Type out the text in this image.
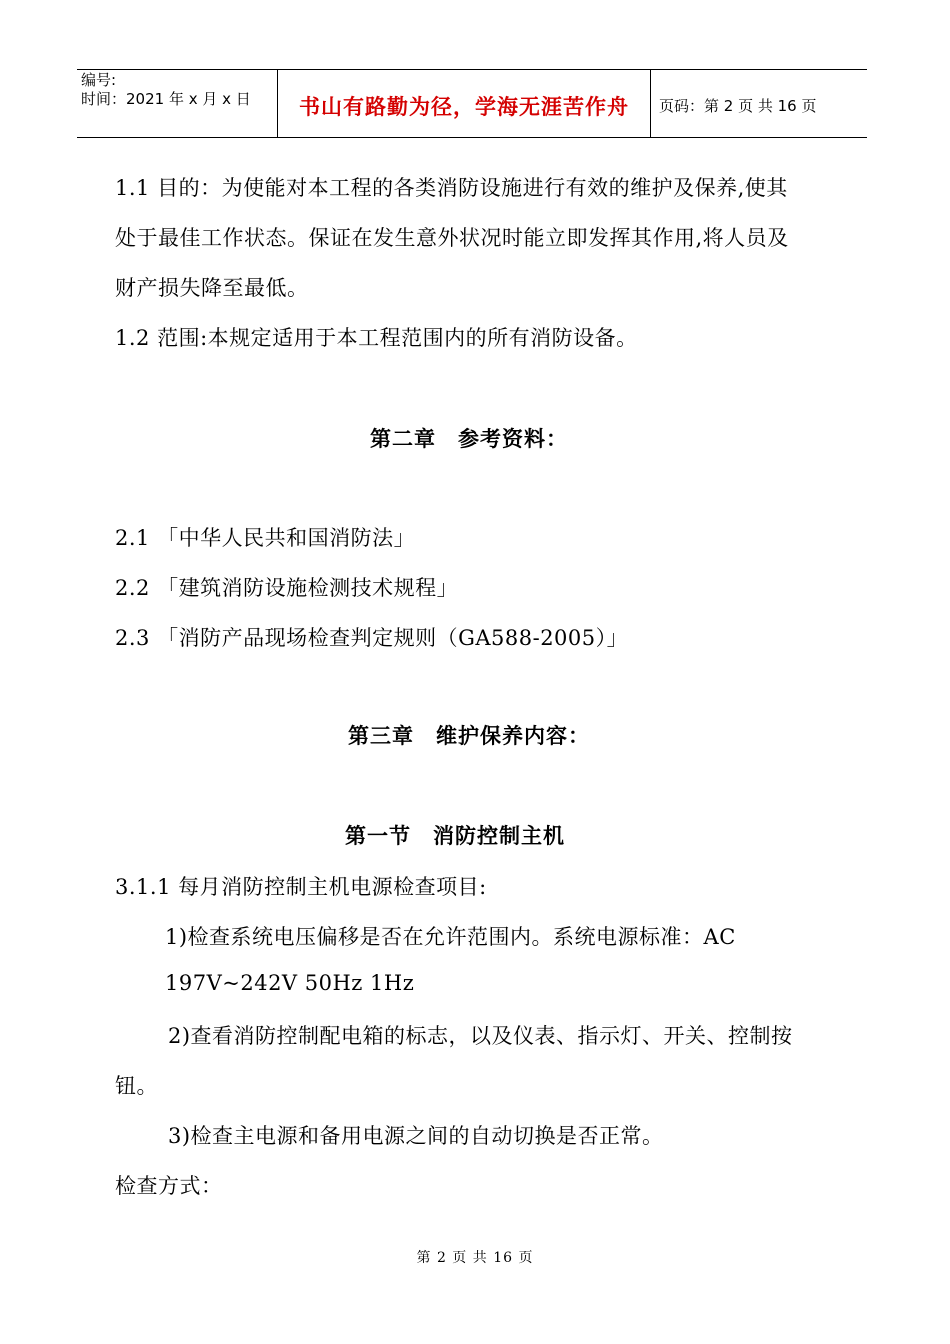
编号:
时间：2021 年 x 月 x 日	书山有路勤为径，学海无涯苦作舟 页码：第 2 页 共 16 页
1.1 目的：为使能对本工程的各类消防设施进行有效的维护及保养,使其
处于最佳工作状态。保证在发生意外状况时能立即发挥其作用,将人员及
财产损失降至最低。
1.2 范围:本规定适用于本工程范围内的所有消防设备。
第二章　参考资料：
2.1 「中华人民共和国消防法」
2.2 「建筑消防设施检测技术规程」
2.3 「消防产品现场检查判定规则（GA588-2005）」
第三章　维护保养内容：
第一节　消防控制主机
3.1.1 每月消防控制主机电源检查项目:
1)检查系统电压偏移是否在允许范围内。系统电源标准：AC
197V~242V 50Hz 1Hz
2)查看消防控制配电箱的标志，以及仪表、指示灯、开关、控制按
钮。
3)检查主电源和备用电源之间的自动切换是否正常。
检查方式：
第 2 页 共 16 页
